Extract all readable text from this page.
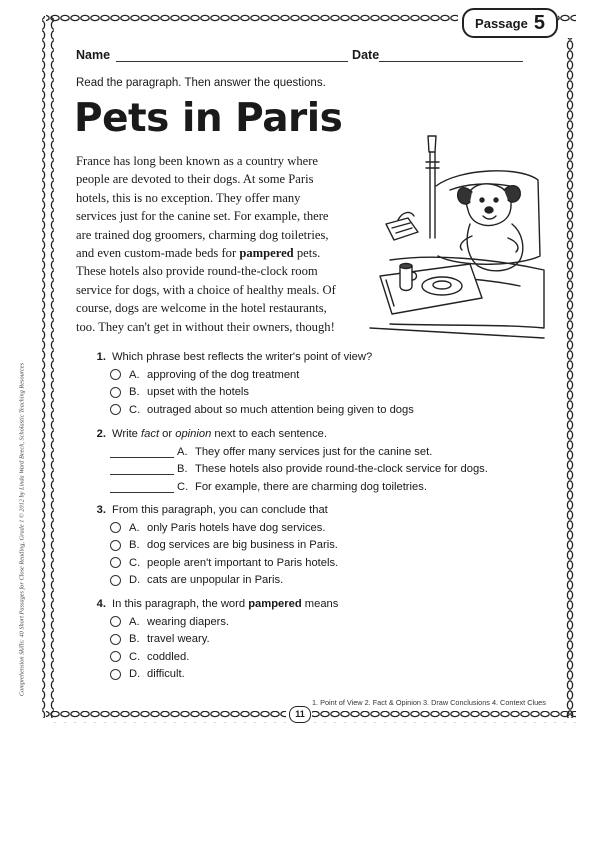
Passage 5
Name	Date
Read the paragraph. Then answer the questions.
Pets in Paris

France has long been known as a country where people are devoted to their dogs. At some Paris hotels, this is no exception. They offer many services just for the canine set. For example, there are trained dog groomers, charming dog toiletries, and even custom-made beds for pampered pets. These hotels also provide round-the-clock room service for dogs, with a choice of healthy meals. Of course, dogs are welcome in the hotel restaurants, too. They can't get in without their owners, though!

1. Which phrase best reflects the writer's point of view?
A. approving of the dog treatment
B. upset with the hotels
C. outraged about so much attention being given to dogs
2. Write fact or opinion next to each sentence.
A. They offer many services just for the canine set.
B. These hotels also provide round-the-clock service for dogs.
C. For example, there are charming dog toiletries.
3. From this paragraph, you can conclude that
A. only Paris hotels have dog services.
B. dog services are big business in Paris.
C. people aren't important to Paris hotels.
D. cats are unpopular in Paris.
4. In this paragraph, the word pampered means
A. wearing diapers.
B. travel weary.
C. coddled.
D. difficult.
1. Point of View 2. Fact & Opinion 3. Draw Conclusions 4. Context Clues
11
Comprehension Skills: 40 Short Passages for Close Reading, Grade 1 © 2012 by Linda Ward Beech, Scholastic Teaching Resources
